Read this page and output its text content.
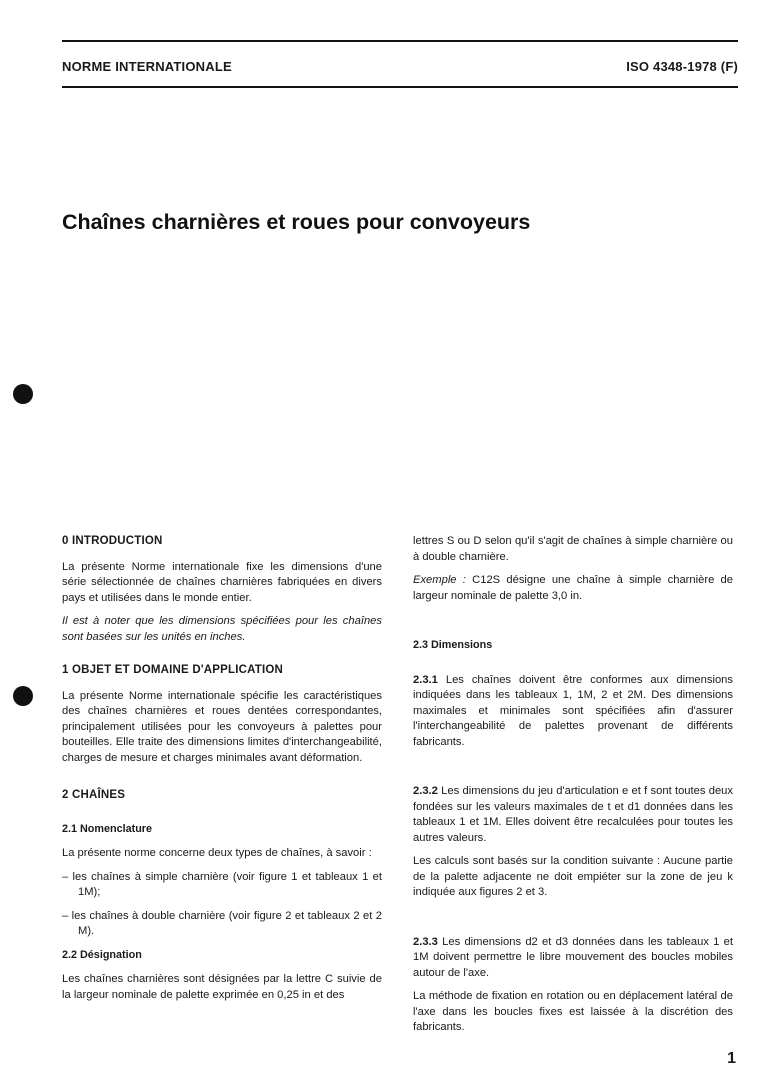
NORME INTERNATIONALE	ISO 4348-1978 (F)
Chaînes charnières et roues pour convoyeurs
0 INTRODUCTION

La présente Norme internationale fixe les dimensions d'une série sélectionnée de chaînes charnières fabriquées en divers pays et utilisées dans le monde entier.

Il est à noter que les dimensions spécifiées pour les chaînes sont basées sur les unités en inches.

1 OBJET ET DOMAINE D'APPLICATION

La présente Norme internationale spécifie les caractéristiques des chaînes charnières et roues dentées correspondantes, principalement utilisées pour les convoyeurs à palettes pour bouteilles. Elle traite des dimensions limites d'interchangeabilité, charges de mesure et charges minimales avant déformation.

2 CHAÎNES
2.1 Nomenclature

La présente norme concerne deux types de chaînes, à savoir :

– les chaînes à simple charnière (voir figure 1 et tableaux 1 et 1M);

– les chaînes à double charnière (voir figure 2 et tableaux 2 et 2 M).

2.2 Désignation

Les chaînes charnières sont désignées par la lettre C suivie de la largeur nominale de palette exprimée en 0,25 in et des

lettres S ou D selon qu'il s'agit de chaînes à simple charnière ou à double charnière.

Exemple : C12S désigne une chaîne à simple charnière de largeur nominale de palette 3,0 in.

2.3 Dimensions

2.3.1 Les chaînes doivent être conformes aux dimensions indiquées dans les tableaux 1, 1M, 2 et 2M. Des dimensions maximales et minimales sont spécifiées afin d'assurer l'interchangeabilité de palettes provenant de différents fabricants.

2.3.2 Les dimensions du jeu d'articulation e et f sont toutes deux fondées sur les valeurs maximales de t et d1 données dans les tableaux 1 et 1M. Elles doivent être recalculées pour toutes les autres valeurs.

Les calculs sont basés sur la condition suivante : Aucune partie de la palette adjacente ne doit empiéter sur la zone de jeu k indiquée aux figures 2 et 3.

2.3.3 Les dimensions d2 et d3 données dans les tableaux 1 et 1M doivent permettre le libre mouvement des boucles mobiles autour de l'axe.

La méthode de fixation en rotation ou en déplacement latéral de l'axe dans les boucles fixes est laissée à la discrétion des fabricants.

1
